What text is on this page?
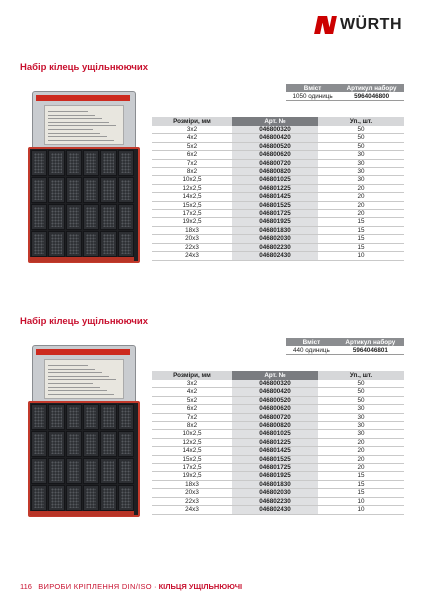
WÜRTH
Набір кілець ущільнюючих
Вміст	Артикул набору
1050 одиниць	5964046800
Розміри, мм	Арт. №	Уп., шт.
3x2	046800320	50
4x2	046800420	50
5x2	046800520	50
6x2	046800620	30
7x2	046800720	30
8x2	046800820	30
10x2,5	046801025	30
12x2,5	046801225	20
14x2,5	046801425	20
15x2,5	046801525	20
17x2,5	046801725	20
19x2,5	046801925	15
18x3	046801830	15
20x3	046802030	15
22x3	046802230	15
24x3	046802430	10
Набір кілець ущільнюючих
Вміст	Артикул набору
440 одиниць	5964046801
Розміри, мм	Арт. №	Уп., шт.
3x2	046800320	50
4x2	046800420	50
5x2	046800520	50
6x2	046800620	30
7x2	046800720	30
8x2	046800820	30
10x2,5	046801025	30
12x2,5	046801225	20
14x2,5	046801425	20
15x2,5	046801525	20
17x2,5	046801725	20
19x2,5	046801925	15
18x3	046801830	15
20x3	046802030	15
22x3	046802230	10
24x3	046802430	10
116 ВИРОБИ КРІПЛЕННЯ DIN/ISO · КІЛЬЦЯ УЩІЛЬНЮЮЧІ
